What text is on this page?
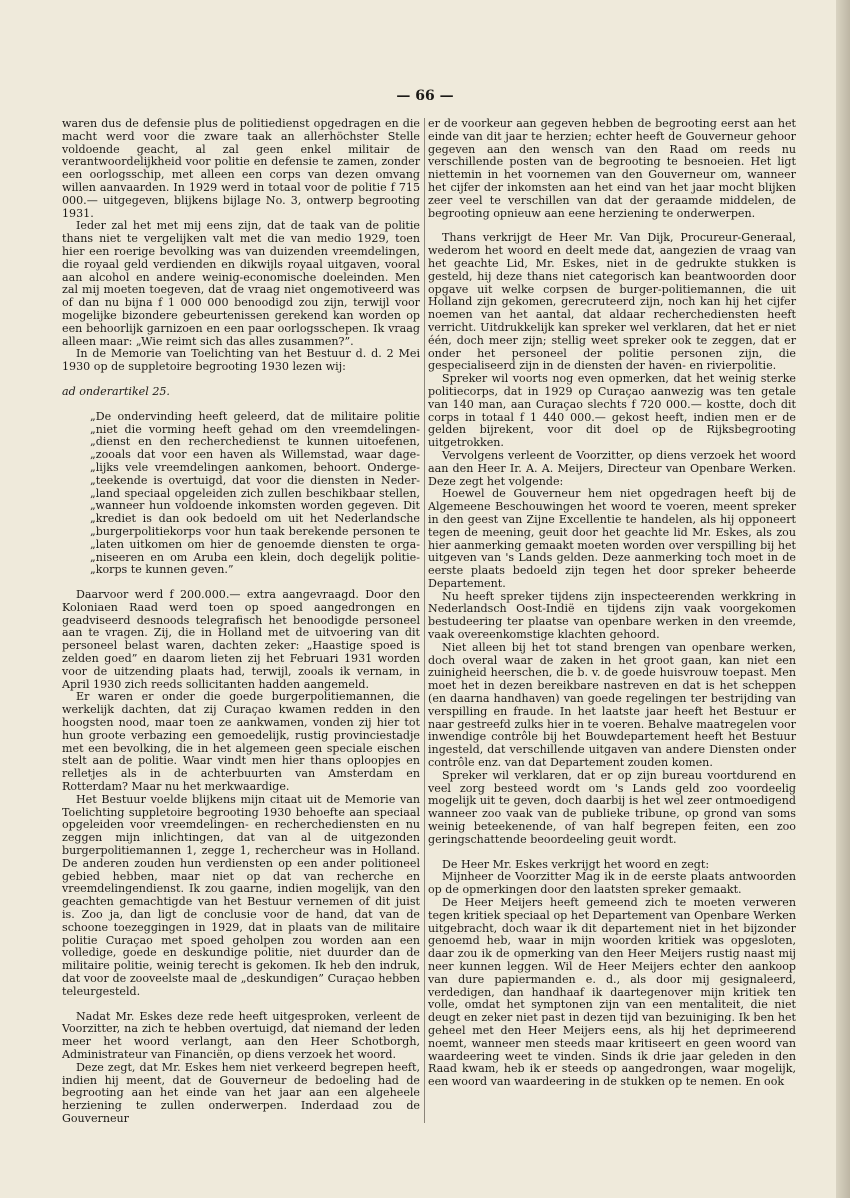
— 66 —

waren dus de defensie plus de politiedienst opgedragen en die macht werd voor die zware taak an allerhöchster Stelle voldoende geacht, al zal geen enkel militair de verantwoordelijkheid voor politie en defensie te zamen, zonder een oorlogsschip, met alleen een corps van dezen omvang willen aanvaarden. In 1929 werd in totaal voor de politie f 715 000.— uitgegeven, blijkens bijlage No. 3, ontwerp begrooting 1931.

Ieder zal het met mij eens zijn, dat de taak van de politie thans niet te vergelijken valt met die van medio 1929, toen hier een roerige bevolking was van duizenden vreemdelingen, die royaal geld verdienden en dikwijls royaal uitgaven, vooral aan alcohol en andere weinig-economische doeleinden. Men zal mij moeten toegeven, dat de vraag niet ongemotiveerd was of dan nu bijna f 1 000 000 benoodigd zou zijn, terwijl voor mogelijke bizondere gebeurtenissen gerekend kan worden op een behoorlijk garnizoen en een paar oorlogsschepen. Ik vraag alleen maar: „Wie reimt sich das alles zusammen?”.

In de Memorie van Toelichting van het Bestuur d. d. 2 Mei 1930 op de suppletoire begrooting 1930 lezen wij:

ad onderartikel 25.

„De ondervinding heeft geleerd, dat de militaire politie „niet die vorming heeft gehad om den vreemdelingen- „dienst en den recherchedienst te kunnen uitoefenen, „zooals dat voor een haven als Willemstad, waar dage- „lijks vele vreemdelingen aankomen, behoort. Onderge- „teekende is overtuigd, dat voor die diensten in Neder- „land speciaal opgeleiden zich zullen beschikbaar stellen, „wanneer hun voldoende inkomsten worden gegeven. Dit „krediet is dan ook bedoeld om uit het Nederlandsche „burgerpolitiekorps voor hun taak berekende personen te „laten uitkomen om hier de genoemde diensten te orga- „niseeren en om Aruba een klein, doch degelijk politie- „korps te kunnen geven.”

Daarvoor werd f 200.000.— extra aangevraagd. Door den Koloniaen Raad werd toen op spoed aangedrongen en geadviseerd desnoods telegrafisch het benoodigde personeel aan te vragen. Zij, die in Holland met de uitvoering van dit personeel belast waren, dachten zeker: „Haastige spoed is zelden goed” en daarom lieten zij het Februari 1931 worden voor de uitzending plaats had, terwijl, zooals ik vernam, in April 1930 zich reeds sollicitanten hadden aangemeld.

Er waren er onder die goede burgerpolitiemannen, die werkelijk dachten, dat zij Curaçao kwamen redden in den hoogsten nood, maar toen ze aankwamen, vonden zij hier tot hun groote verbazing een gemoedelijk, rustig provinciestadje met een bevolking, die in het algemeen geen speciale eischen stelt aan de politie. Waar vindt men hier thans oploopjes en relletjes als in de achterbuurten van Amsterdam en Rotterdam? Maar nu het merkwaardige.

Het Bestuur voelde blijkens mijn citaat uit de Memorie van Toelichting suppletoire begrooting 1930 behoefte aan speciaal opgeleiden voor vreemdelingen- en recherchediensten en nu zeggen mijn inlichtingen, dat van al de uitgezonden burgerpolitiemannen 1, zegge 1, rechercheur was in Holland. De anderen zouden hun verdiensten op een ander politioneel gebied hebben, maar niet op dat van recherche en vreemdelingendienst. Ik zou gaarne, indien mogelijk, van den geachten gemachtigde van het Bestuur vernemen of dit juist is. Zoo ja, dan ligt de conclusie voor de hand, dat van de schoone toezeggingen in 1929, dat in plaats van de militaire politie Curaçao met spoed geholpen zou worden aan een volledige, goede en deskundige politie, niet duurder dan de militaire politie, weinig terecht is gekomen. Ik heb den indruk, dat voor de zooveelste maal de „deskundigen” Curaçao hebben teleurgesteld.

Nadat Mr. Eskes deze rede heeft uitgesproken, verleent de Voorzitter, na zich te hebben overtuigd, dat niemand der leden meer het woord verlangt, aan den Heer Schotborgh, Administrateur van Financiën, op diens verzoek het woord.

Deze zegt, dat Mr. Eskes hem niet verkeerd begrepen heeft, indien hij meent, dat de Gouverneur de bedoeling had de begrooting aan het einde van het jaar aan een algeheele herziening te zullen onderwerpen. Inderdaad zou de Gouverneur

er de voorkeur aan gegeven hebben de begrooting eerst aan het einde van dit jaar te herzien; echter heeft de Gouverneur gehoor gegeven aan den wensch van den Raad om reeds nu verschillende posten van de begrooting te besnoeien. Het ligt niettemin in het voornemen van den Gouverneur om, wanneer het cijfer der inkomsten aan het eind van het jaar mocht blijken zeer veel te verschillen van dat der geraamde middelen, de begrooting opnieuw aan eene herziening te onderwerpen.

Thans verkrijgt de Heer Mr. Van Dijk, Procureur-Generaal, wederom het woord en deelt mede dat, aangezien de vraag van het geachte Lid, Mr. Eskes, niet in de gedrukte stukken is gesteld, hij deze thans niet categorisch kan beantwoorden door opgave uit welke corpsen de burger-politiemannen, die uit Holland zijn gekomen, gerecruteerd zijn, noch kan hij het cijfer noemen van het aantal, dat aldaar recherchediensten heeft verricht. Uitdrukkelijk kan spreker wel verklaren, dat het er niet één, doch meer zijn; stellig weet spreker ook te zeggen, dat er onder het personeel der politie personen zijn, die gespecialiseerd zijn in de diensten der haven- en rivierpolitie.

Spreker wil voorts nog even opmerken, dat het weinig sterke politiecorps, dat in 1929 op Curaçao aanwezig was ten getale van 140 man, aan Curaçao slechts f 720 000.— kostte, doch dit corps in totaal f 1 440 000.— gekost heeft, indien men er de gelden bijrekent, voor dit doel op de Rijksbegrooting uitgetrokken.

Vervolgens verleent de Voorzitter, op diens verzoek het woord aan den Heer Ir. A. A. Meijers, Directeur van Openbare Werken. Deze zegt het volgende:

Hoewel de Gouverneur hem niet opgedragen heeft bij de Algemeene Beschouwingen het woord te voeren, meent spreker in den geest van Zijne Excellentie te handelen, als hij opponeert tegen de meening, geuit door het geachte lid Mr. Eskes, als zou hier aanmerking gemaakt moeten worden over verspilling bij het uitgeven van 's Lands gelden. Deze aanmerking toch moet in de eerste plaats bedoeld zijn tegen het door spreker beheerde Departement.

Nu heeft spreker tijdens zijn inspecteerenden werkkring in Nederlandsch Oost-Indië en tijdens zijn vaak voorgekomen bestudeering ter plaatse van openbare werken in den vreemde, vaak overeenkomstige klachten gehoord.

Niet alleen bij het tot stand brengen van openbare werken, doch overal waar de zaken in het groot gaan, kan niet een zuinigheid heerschen, die b. v. de goede huisvrouw toepast. Men moet het in dezen bereikbare nastreven en dat is het scheppen (en daarna handhaven) van goede regelingen ter bestrijding van verspilling en fraude. In het laatste jaar heeft het Bestuur er naar gestreefd zulks hier in te voeren. Behalve maatregelen voor inwendige contrôle bij het Bouwdepartement heeft het Bestuur ingesteld, dat verschillende uitgaven van andere Diensten onder contrôle enz. van dat Departement zouden komen.

Spreker wil verklaren, dat er op zijn bureau voortdurend en veel zorg besteed wordt om 's Lands geld zoo voordeelig mogelijk uit te geven, doch daarbij is het wel zeer ontmoedigend wanneer zoo vaak van de publieke tribune, op grond van soms weinig beteekenende, of van half begrepen feiten, een zoo geringschattende beoordeeling geuit wordt.

De Heer Mr. Eskes verkrijgt het woord en zegt:

Mijnheer de Voorzitter Mag ik in de eerste plaats antwoorden op de opmerkingen door den laatsten spreker gemaakt.

De Heer Meijers heeft gemeend zich te moeten verweren tegen kritiek speciaal op het Departement van Openbare Werken uitgebracht, doch waar ik dit departement niet in het bijzonder genoemd heb, waar in mijn woorden kritiek was opgesloten, daar zou ik de opmerking van den Heer Meijers rustig naast mij neer kunnen leggen. Wil de Heer Meijers echter den aankoop van dure papiermanden e. d., als door mij gesignaleerd, verdedigen, dan handhaaf ik daartegenover mijn kritiek ten volle, omdat het symptonen zijn van een mentaliteit, die niet deugt en zeker niet past in dezen tijd van bezuiniging. Ik ben het geheel met den Heer Meijers eens, als hij het deprimeerend noemt, wanneer men steeds maar kritiseert en geen woord van waardeering weet te vinden. Sinds ik drie jaar geleden in den Raad kwam, heb ik er steeds op aangedrongen, waar mogelijk, een woord van waardeering in de stukken op te nemen. En ook
